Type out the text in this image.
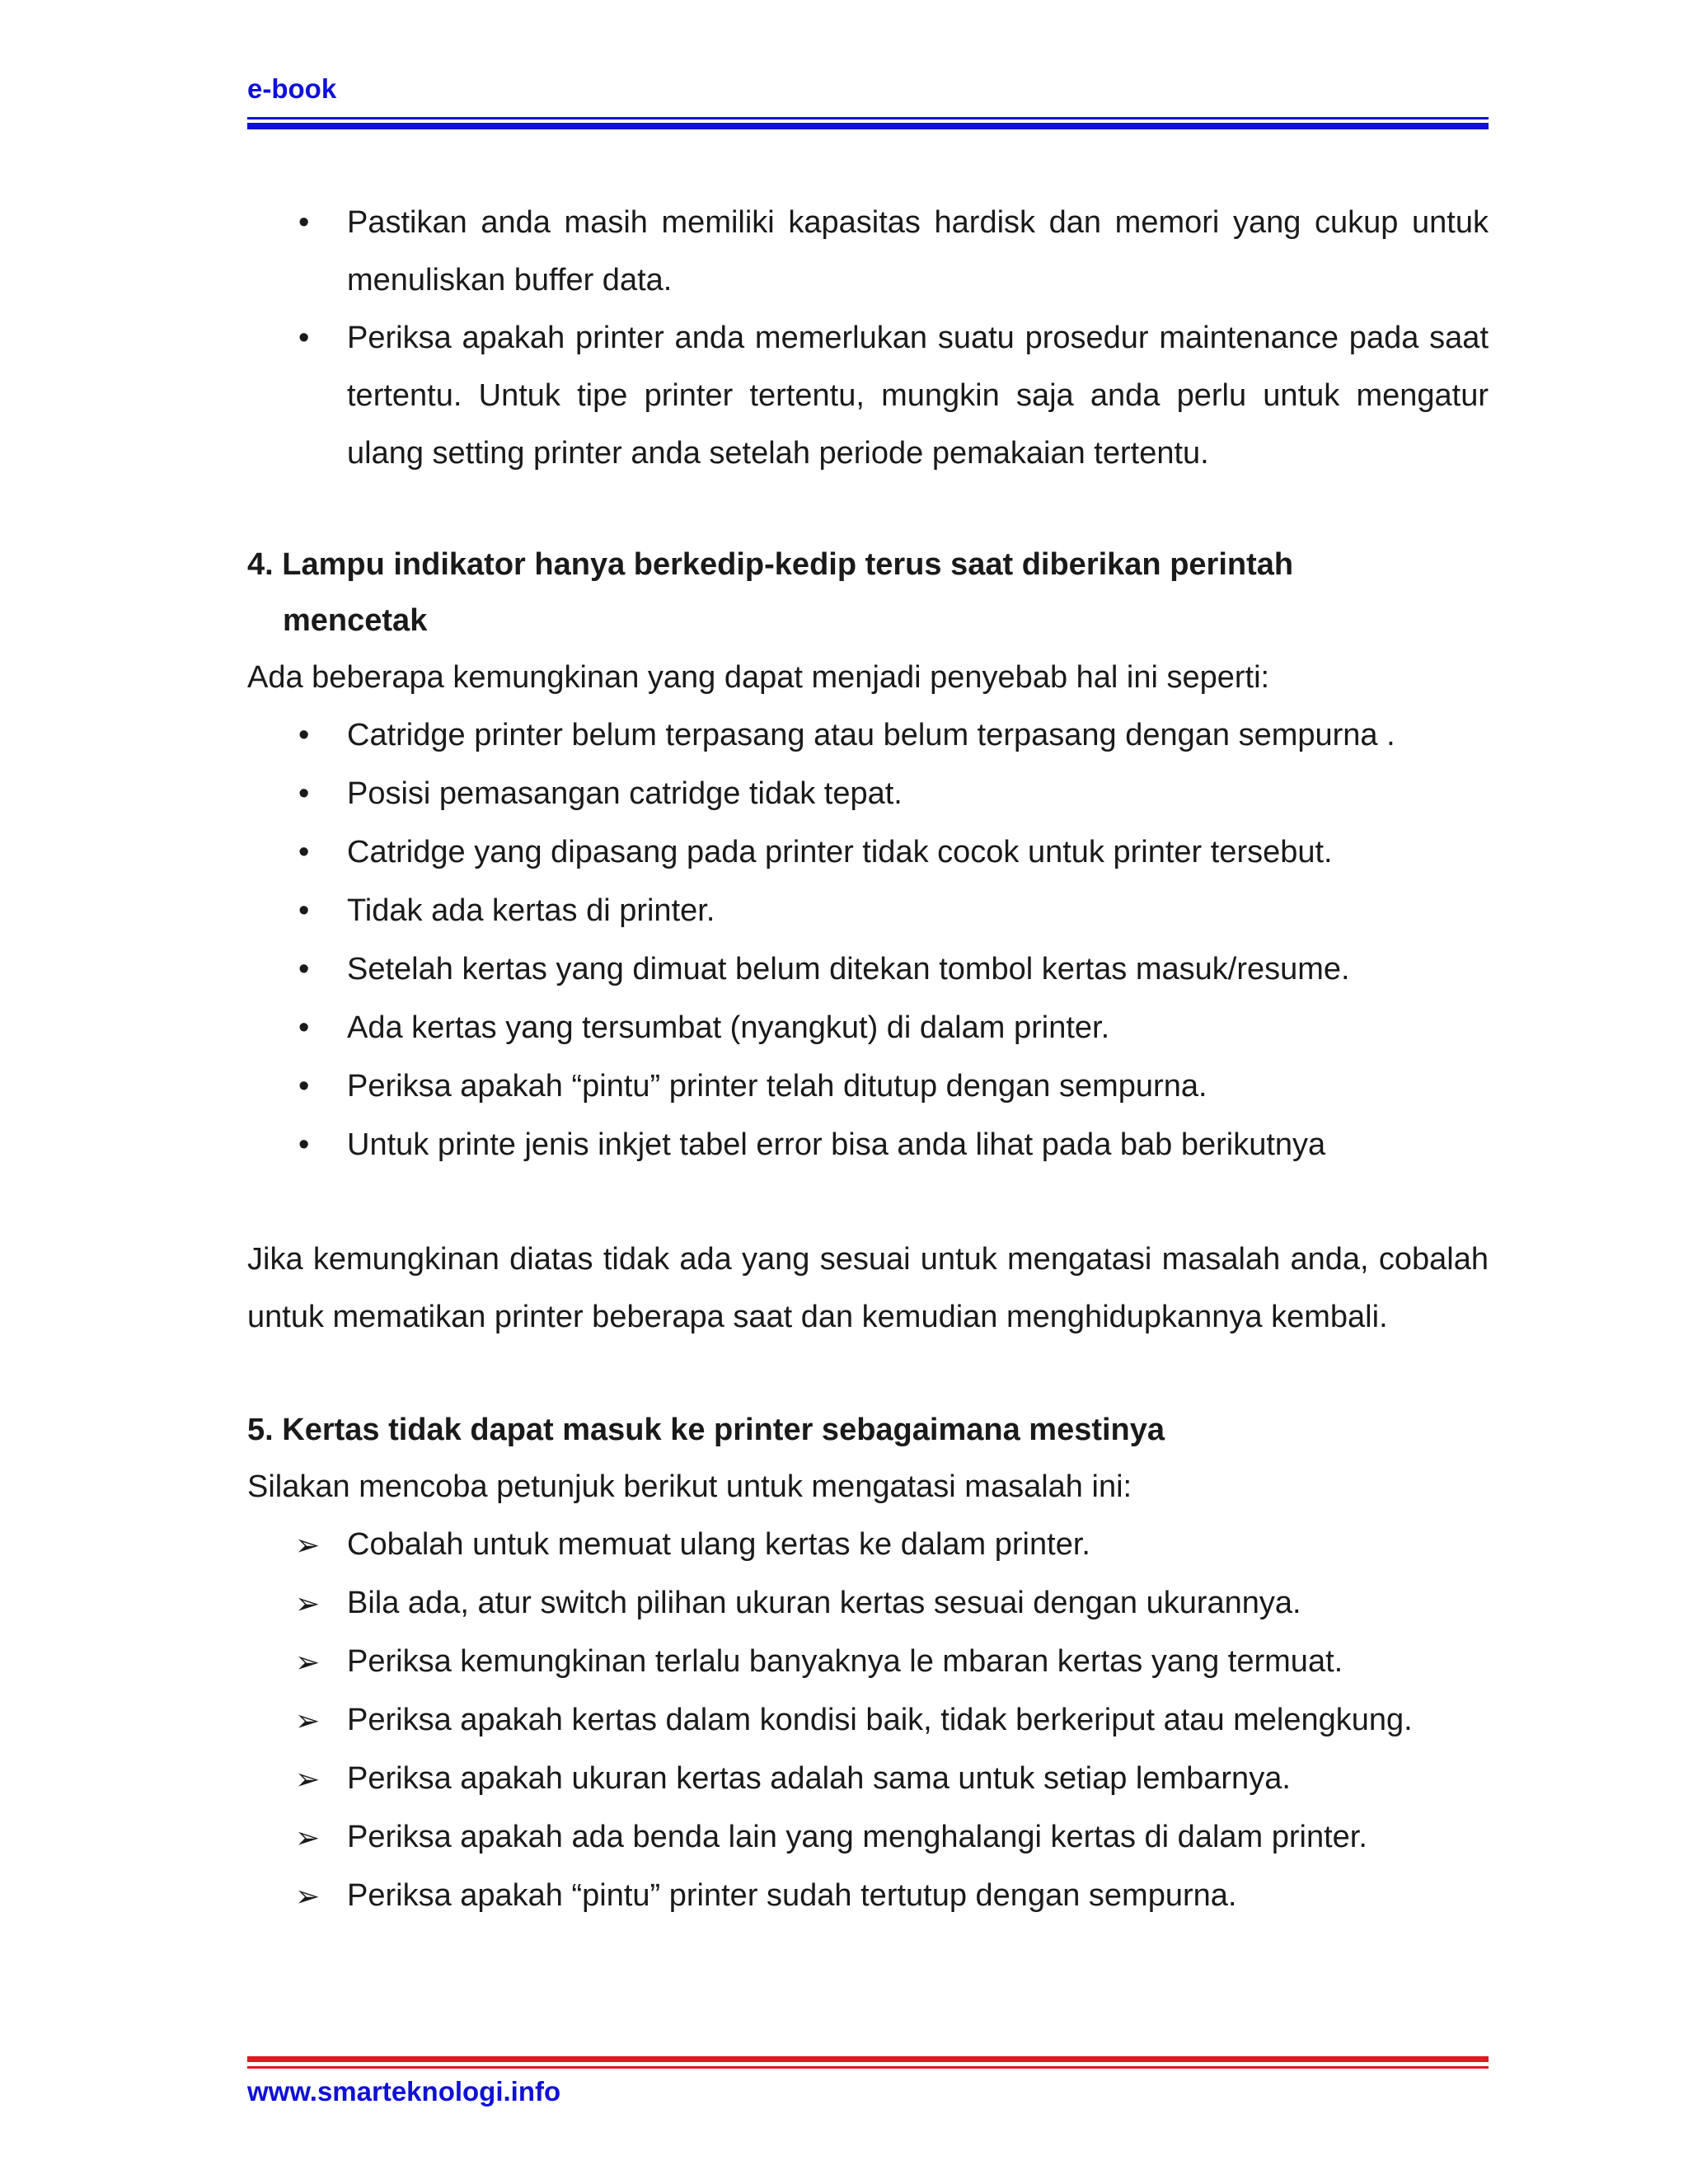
e-book
• Pastikan anda masih memiliki kapasitas hardisk dan memori yang cukup untuk menuliskan buffer data.
• Periksa apakah printer anda memerlukan suatu prosedur maintenance pada saat tertentu. Untuk tipe printer tertentu, mungkin saja anda perlu untuk mengatur ulang setting printer anda setelah periode pemakaian tertentu.
4. Lampu indikator hanya berkedip-kedip terus saat diberikan perintah
mencetak

Ada beberapa kemungkinan yang dapat menjadi penyebab hal ini seperti:

• Catridge printer belum terpasang atau belum terpasang dengan sempurna .
• Posisi pemasangan catridge tidak tepat.
• Catridge yang dipasang pada printer tidak cocok untuk printer tersebut.
• Tidak ada kertas di printer.
• Setelah kertas yang dimuat belum ditekan tombol kertas masuk/resume.
• Ada kertas yang tersumbat (nyangkut) di dalam printer.
• Periksa apakah “pintu” printer telah ditutup dengan sempurna.
• Untuk printe jenis inkjet tabel error bisa anda lihat pada bab berikutnya

Jika kemungkinan diatas tidak ada yang sesuai untuk mengatasi masalah anda, cobalah untuk mematikan printer beberapa saat dan kemudian menghidupkannya kembali.

5. Kertas tidak dapat masuk ke printer sebagaimana mestinya

Silakan mencoba petunjuk berikut untuk mengatasi masalah ini:

➢ Cobalah untuk memuat ulang kertas ke dalam printer.
➢ Bila ada, atur switch pilihan ukuran kertas sesuai dengan ukurannya.
➢ Periksa kemungkinan terlalu banyaknya le mbaran kertas yang termuat.
➢ Periksa apakah kertas dalam kondisi baik, tidak berkeriput atau melengkung.
➢ Periksa apakah ukuran kertas adalah sama untuk setiap lembarnya.
➢ Periksa apakah ada benda lain yang menghalangi kertas di dalam printer.
➢ Periksa apakah “pintu” printer sudah tertutup dengan sempurna.
www.smarteknologi.info
